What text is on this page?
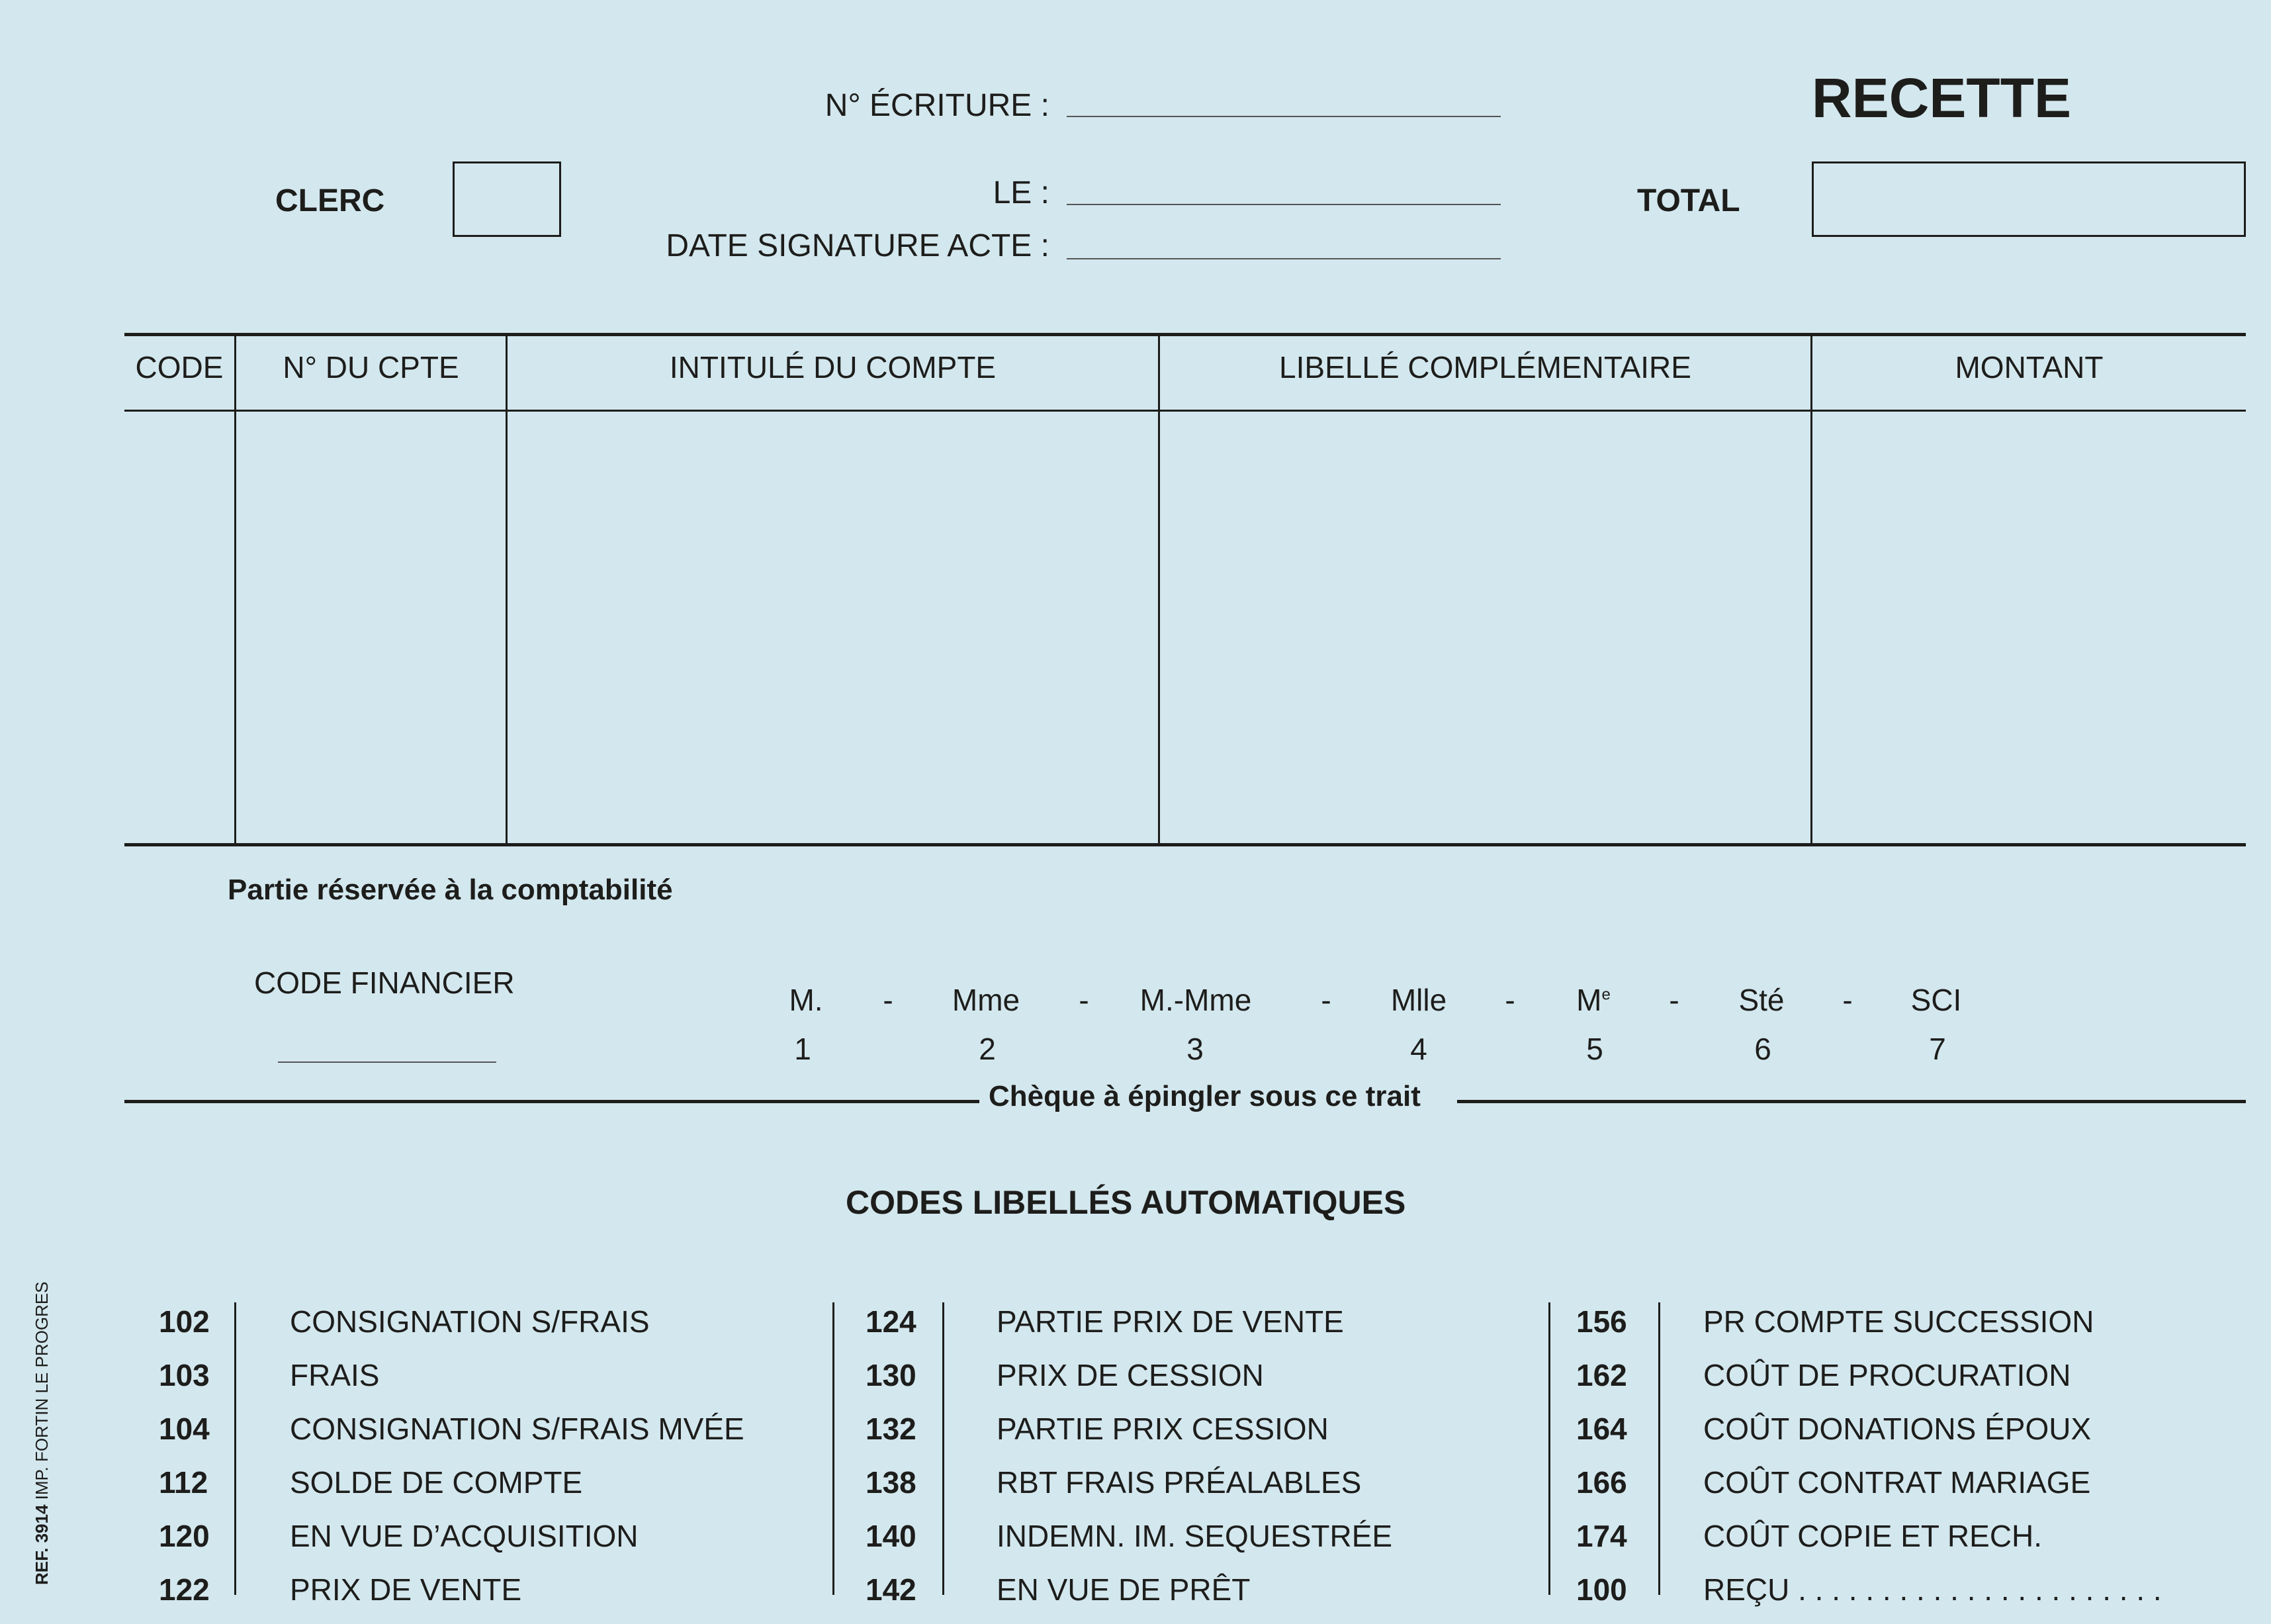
RECETTE
N° ÉCRITURE :
CLERC	LE :
DATE SIGNATURE ACTE :
TOTAL
CODE	N° DU CPTE	INTITULÉ DU COMPTE	LIBELLÉ COMPLÉMENTAIRE	MONTANT
Partie réservée à la comptabilité
CODE FINANCIER	M.
1
-	Mme
2
-	M.-Mme
3
-	Mlle
4
-	Me
5
-	Sté
6
-	SCI
7
Chèque à épingler sous ce trait
CODES LIBELLÉS AUTOMATIQUES
102	CONSIGNATION S/FRAIS
103	FRAIS
104	CONSIGNATION S/FRAIS MVÉE
112	SOLDE DE COMPTE
120	EN VUE D’ACQUISITION
122	PRIX DE VENTE
124	PARTIE PRIX DE VENTE
130	PRIX DE CESSION
132	PARTIE PRIX CESSION
138	RBT FRAIS PRÉALABLES
140	INDEMN. IM. SEQUESTRÉE
142	EN VUE DE PRÊT
156	PR COMPTE SUCCESSION
162	COÛT DE PROCURATION
164	COÛT DONATIONS ÉPOUX
166	COÛT CONTRAT MARIAGE
174	COÛT COPIE ET RECH.
100	REÇU . . . . . . . . . . . . . . . . . . . . . .
REF. 3914 IMP. FORTIN LE PROGRES
